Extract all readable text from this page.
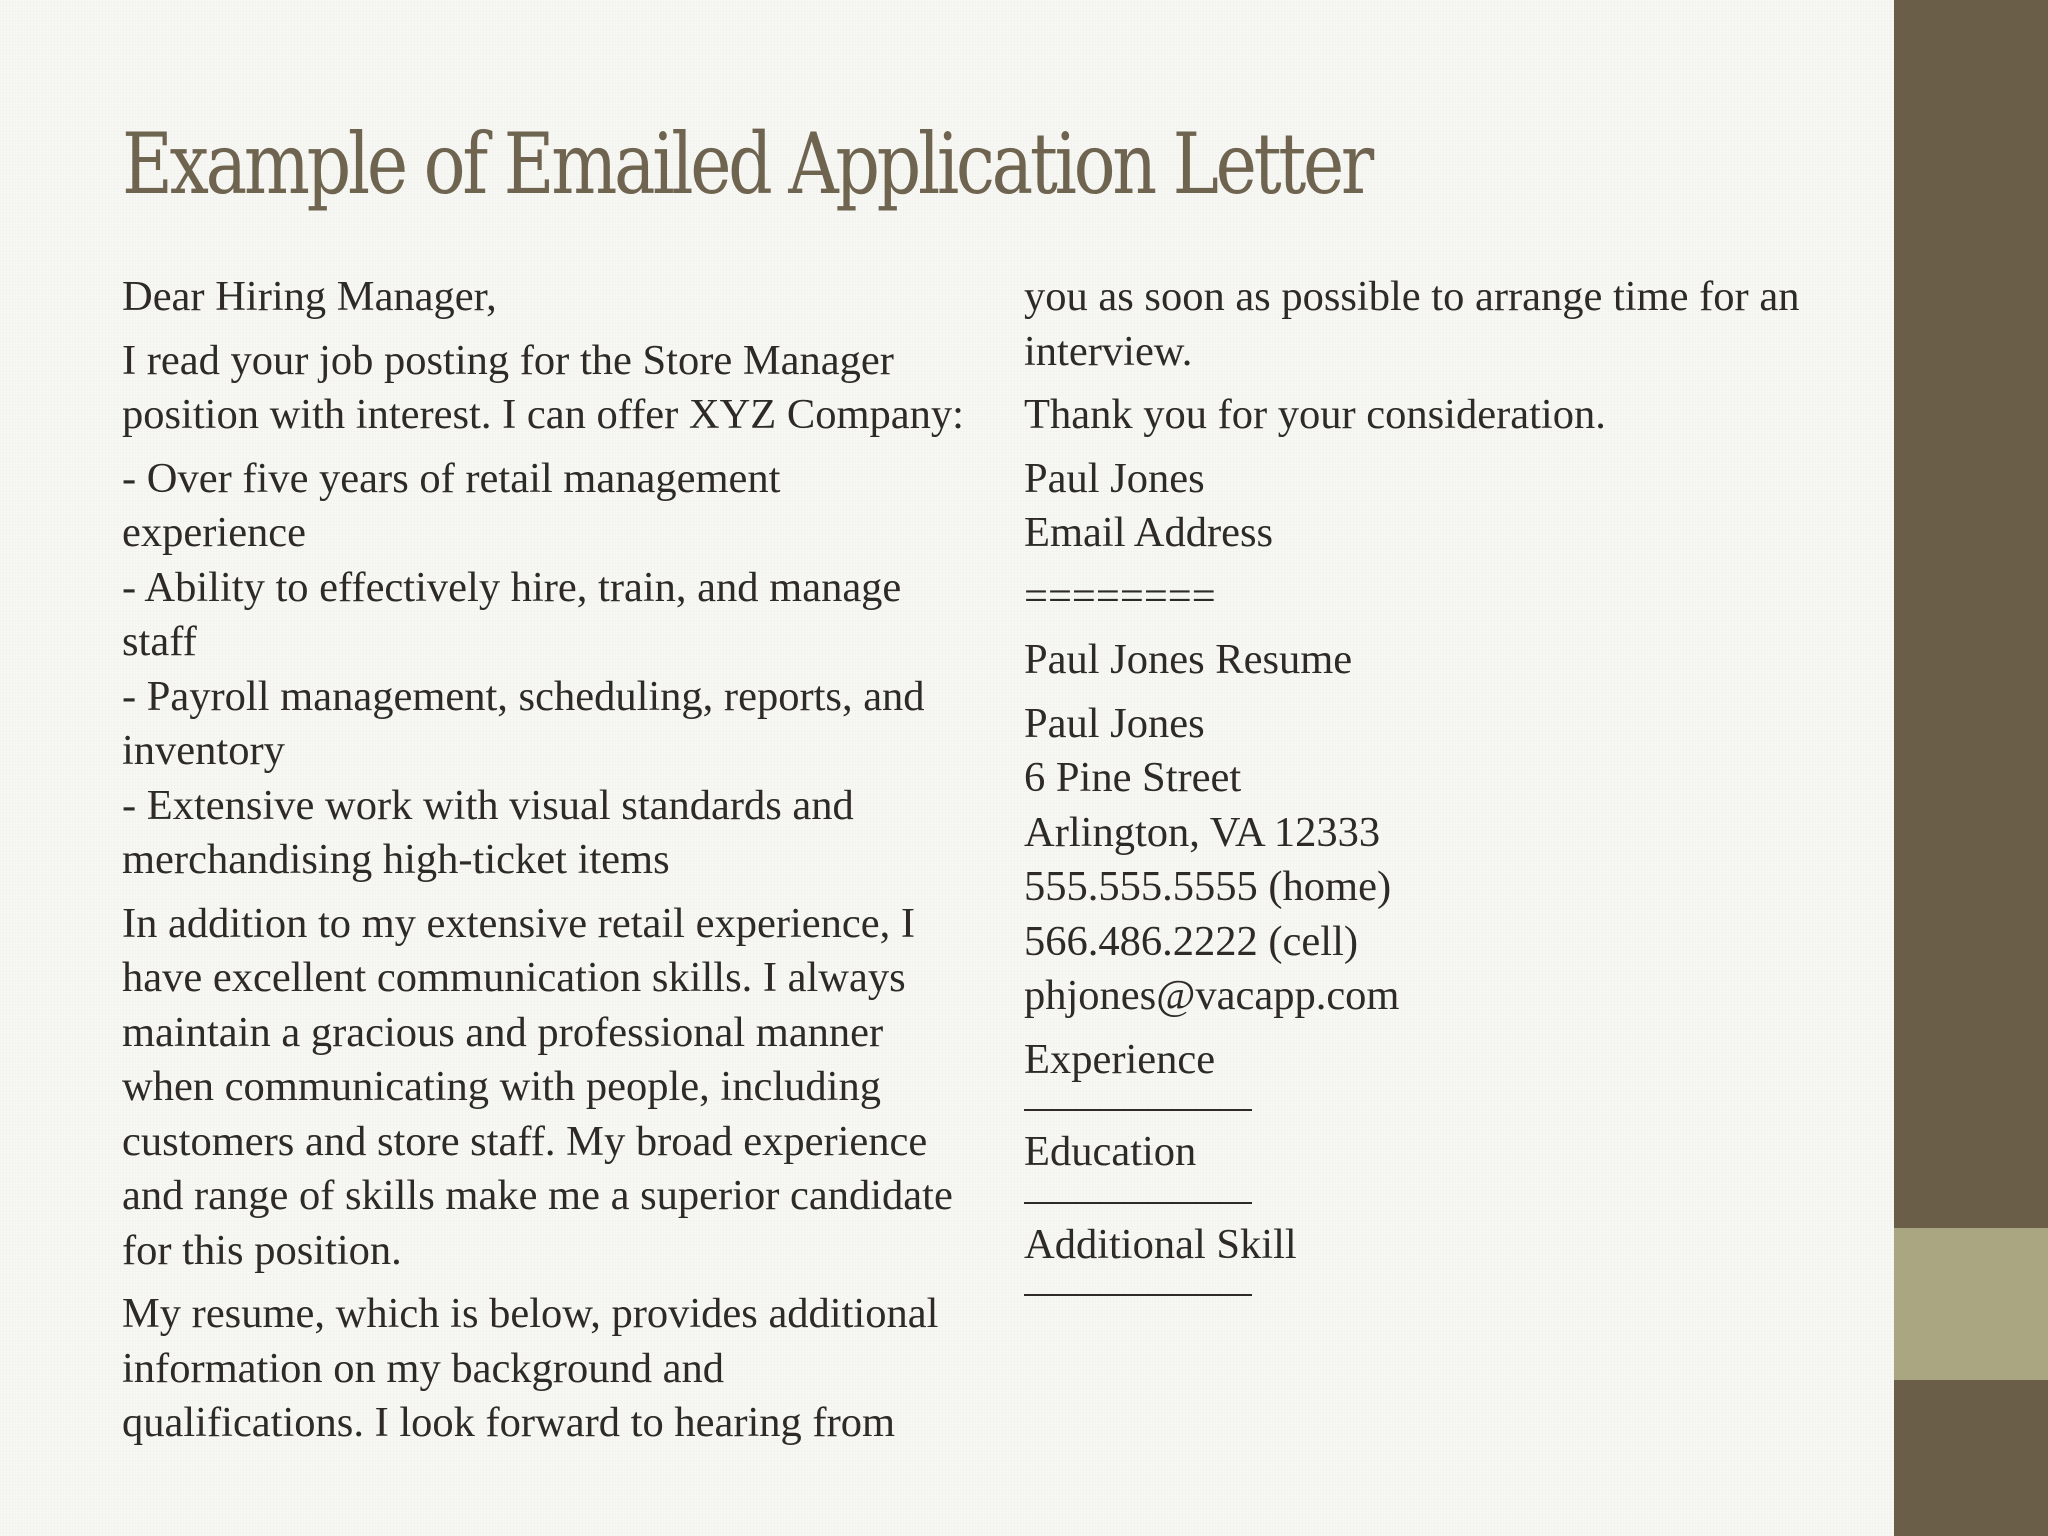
Example of Emailed Application Letter

Dear Hiring Manager,

I read your job posting for the Store Manager
position with interest. I can offer XYZ Company:

- Over five years of retail management
experience
- Ability to effectively hire, train, and manage
staff
- Payroll management, scheduling, reports, and
inventory
- Extensive work with visual standards and
merchandising high-ticket items

In addition to my extensive retail experience, I
have excellent communication skills. I always
maintain a gracious and professional manner
when communicating with people, including
customers and store staff. My broad experience
and range of skills make me a superior candidate
for this position.

My resume, which is below, provides additional
information on my background and
qualifications. I look forward to hearing from

you as soon as possible to arrange time for an
interview.

Thank you for your consideration.

Paul Jones
Email Address

========

Paul Jones Resume

Paul Jones
6 Pine Street
Arlington, VA 12333
555.555.5555 (home)
566.486.2222 (cell)
phjones@vacapp.com

Experience

Education

Additional Skill
